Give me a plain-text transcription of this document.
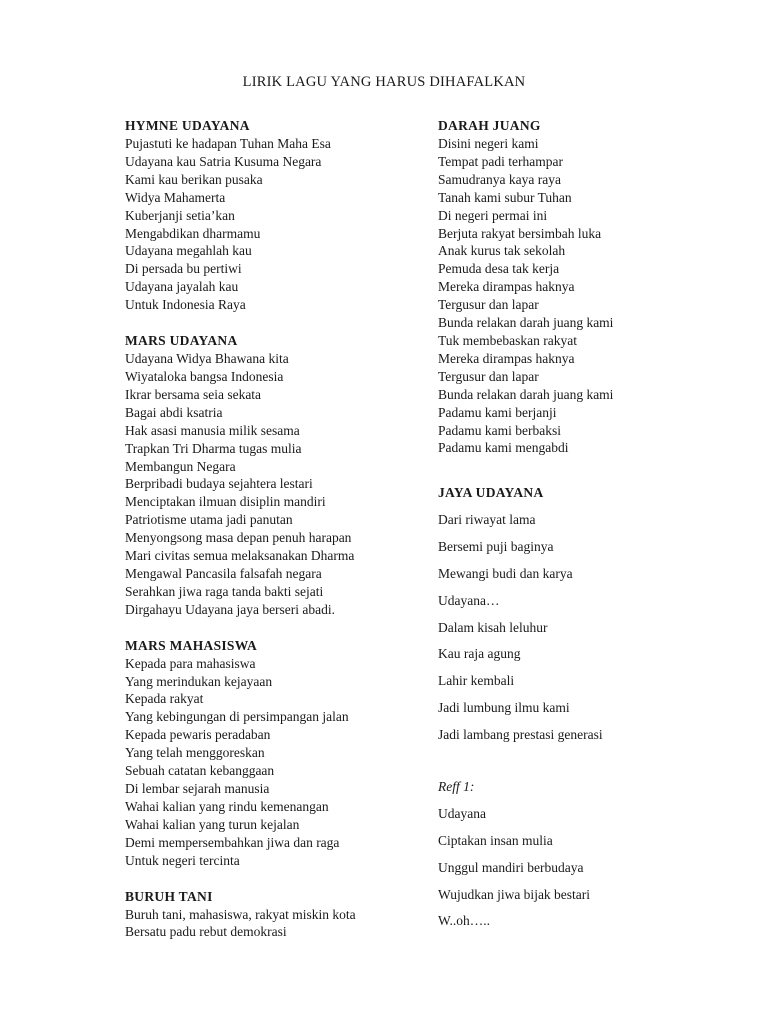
LIRIK LAGU YANG HARUS DIHAFALKAN
HYMNE UDAYANA
Pujastuti ke hadapan Tuhan Maha Esa
Udayana kau Satria Kusuma Negara
Kami kau berikan pusaka
Widya Mahamerta
Kuberjanji setia’kan
Mengabdikan dharmamu
Udayana megahlah kau
Di persada bu pertiwi
Udayana jayalah kau
Untuk Indonesia Raya
MARS UDAYANA
Udayana Widya Bhawana kita
Wiyataloka bangsa Indonesia
Ikrar bersama seia sekata
Bagai abdi ksatria
Hak asasi manusia milik sesama
Trapkan Tri Dharma tugas mulia
Membangun Negara
Berpribadi budaya sejahtera lestari
Menciptakan ilmuan disiplin mandiri
Patriotisme utama jadi panutan
Menyongsong masa depan penuh harapan
Mari civitas semua melaksanakan Dharma
Mengawal Pancasila falsafah negara
Serahkan jiwa raga tanda bakti sejati
Dirgahayu Udayana jaya berseri abadi.
MARS MAHASISWA
Kepada para mahasiswa
Yang merindukan kejayaan
Kepada rakyat
Yang kebingungan di persimpangan jalan
Kepada pewaris peradaban
Yang telah menggoreskan
Sebuah catatan kebanggaan
Di lembar sejarah manusia
Wahai kalian yang rindu kemenangan
Wahai kalian yang turun kejalan
Demi mempersembahkan jiwa dan raga
Untuk negeri tercinta
BURUH TANI
Buruh tani, mahasiswa, rakyat miskin kota
Bersatu padu rebut demokrasi
DARAH JUANG
Disini negeri kami
Tempat padi terhampar
Samudranya kaya raya
Tanah kami subur Tuhan
Di negeri permai ini
Berjuta rakyat bersimbah luka
Anak kurus tak sekolah
Pemuda desa tak kerja
Mereka dirampas haknya
Tergusur dan lapar
Bunda relakan darah juang kami
Tuk membebaskan rakyat
Mereka dirampas haknya
Tergusur dan lapar
Bunda relakan darah juang kami
Padamu kami berjanji
Padamu kami berbaksi
Padamu kami mengabdi
JAYA UDAYANA
Dari riwayat lama
Bersemi puji baginya
Mewangi budi dan karya
Udayana…
Dalam kisah leluhur
Kau raja agung
Lahir kembali
Jadi lumbung ilmu kami
Jadi lambang prestasi generasi
Reff 1:
Udayana
Ciptakan insan mulia
Unggul mandiri berbudaya
Wujudkan jiwa bijak bestari
W..oh…..
